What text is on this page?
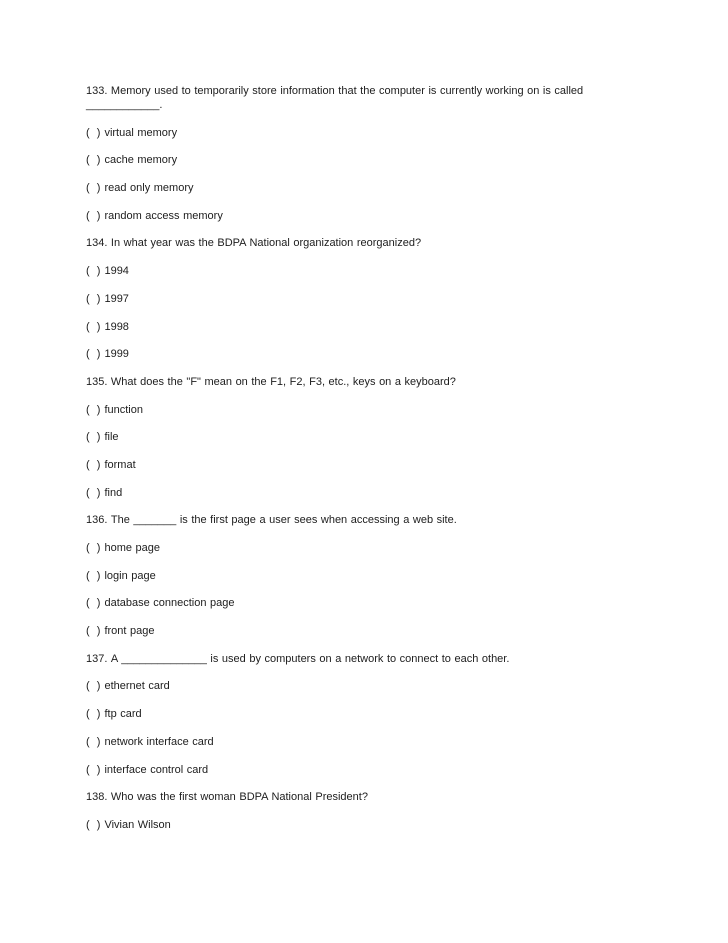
133. Memory used to temporarily store information that the computer is currently working on is called ____________.

(  ) virtual memory

(  ) cache memory

(  ) read only memory

(  ) random access memory

134. In what year was the BDPA National organization reorganized?

(  ) 1994

(  ) 1997

(  ) 1998

(  ) 1999

135. What does the "F" mean on the F1, F2, F3, etc., keys on a keyboard?

(  ) function

(  ) file

(  ) format

(  ) find

136. The _______ is the first page a user sees when accessing a web site.

(  ) home page

(  ) login page

(  ) database connection page

(  ) front page

137. A ______________ is used by computers on a network to connect to each other.

(  ) ethernet card

(  ) ftp card

(  ) network interface card

(  ) interface control card

138. Who was the first woman BDPA National President?

(  ) Vivian Wilson
